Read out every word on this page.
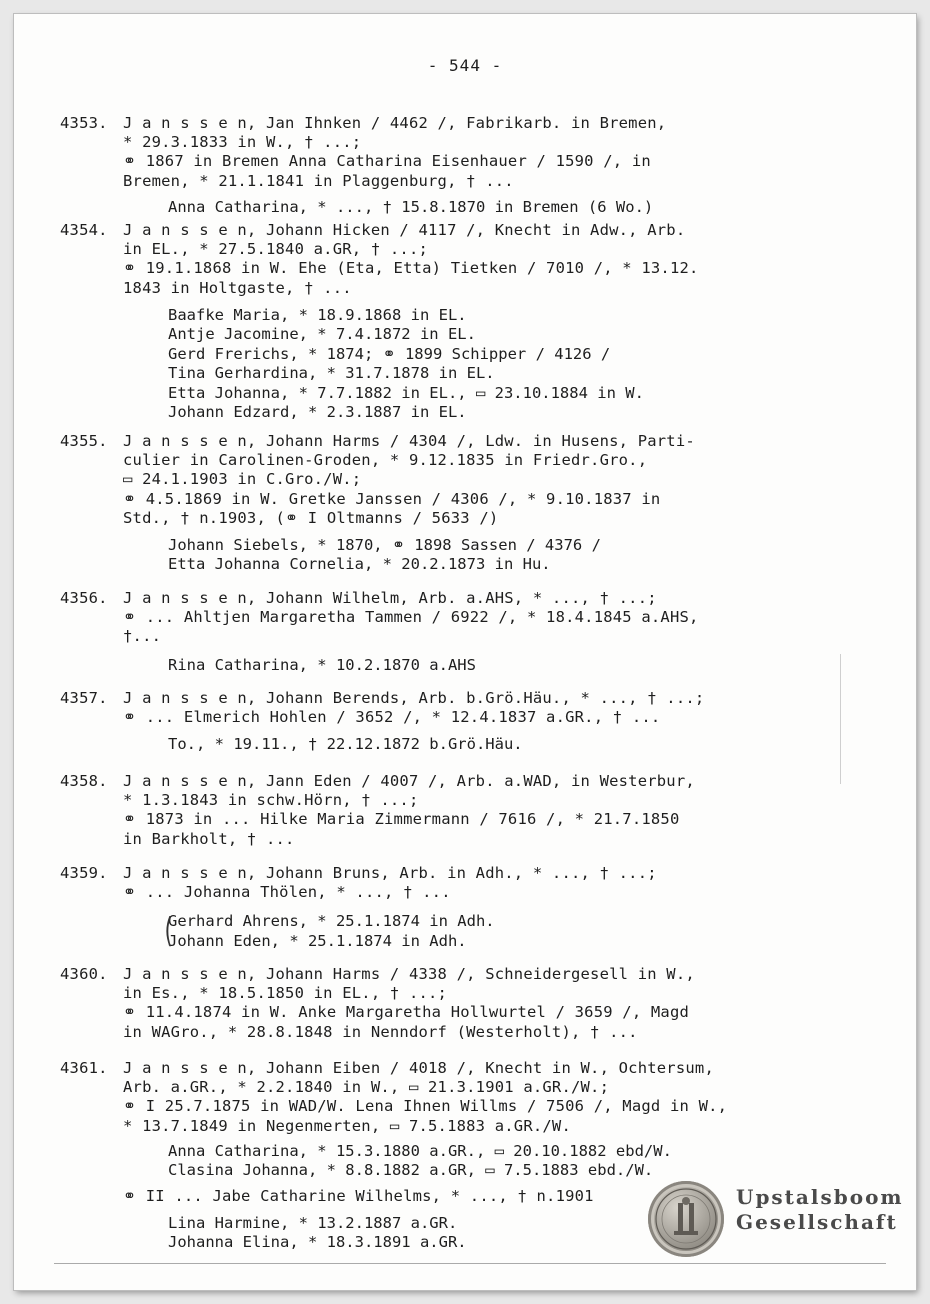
- 544 -
4353. J a n s s e n, Jan Ihnken / 4462 /, Fabrikarb. in Bremen,
* 29.3.1833 in W., † ...;
⚭ 1867 in Bremen Anna Catharina Eisenhauer / 1590 /, in
Bremen, * 21.1.1841 in Plaggenburg, † ...
Anna Catharina, * ..., † 15.8.1870 in Bremen (6 Wo.)
4354. J a n s s e n, Johann Hicken / 4117 /, Knecht in Adw., Arb.
in EL., * 27.5.1840 a.GR, † ...;
⚭ 19.1.1868 in W. Ehe (Eta, Etta) Tietken / 7010 /, * 13.12.
1843 in Holtgaste, † ...
Baafke Maria, * 18.9.1868 in EL.
Antje Jacomine, * 7.4.1872 in EL.
Gerd Frerichs, * 1874; ⚭ 1899 Schipper / 4126 /
Tina Gerhardina, * 31.7.1878 in EL.
Etta Johanna, * 7.7.1882 in EL., ▭ 23.10.1884 in W.
Johann Edzard, * 2.3.1887 in EL.
4355. J a n s s e n, Johann Harms / 4304 /, Ldw. in Husens, Parti-
culier in Carolinen-Groden, * 9.12.1835 in Friedr.Gro.,
▭ 24.1.1903 in C.Gro./W.;
⚭ 4.5.1869 in W. Gretke Janssen / 4306 /, * 9.10.1837 in
Std., † n.1903, (⚭ I Oltmanns / 5633 /)
Johann Siebels, * 1870, ⚭ 1898 Sassen / 4376 /
Etta Johanna Cornelia, * 20.2.1873 in Hu.
4356. J a n s s e n, Johann Wilhelm, Arb. a.AHS, * ..., † ...;
⚭ ... Ahltjen Margaretha Tammen / 6922 /, * 18.4.1845 a.AHS,
†...
Rina Catharina, * 10.2.1870 a.AHS
4357. J a n s s e n, Johann Berends, Arb. b.Grö.Häu., * ..., † ...;
⚭ ... Elmerich Hohlen / 3652 /, * 12.4.1837 a.GR., † ...
To., * 19.11., † 22.12.1872 b.Grö.Häu.
4358. J a n s s e n, Jann Eden / 4007 /, Arb. a.WAD, in Westerbur,
* 1.3.1843 in schw.Hörn, † ...;
⚭ 1873 in ... Hilke Maria Zimmermann / 7616 /, * 21.7.1850
in Barkholt, † ...
4359. J a n s s e n, Johann Bruns, Arb. in Adh., * ..., † ...;
⚭ ... Johanna Thölen, * ..., † ...
(
Gerhard Ahrens, * 25.1.1874 in Adh.
Johann Eden, * 25.1.1874 in Adh.
4360. J a n s s e n, Johann Harms / 4338 /, Schneidergesell in W.,
in Es., * 18.5.1850 in EL., † ...;
⚭ 11.4.1874 in W. Anke Margaretha Hollwurtel / 3659 /, Magd
in WAGro., * 28.8.1848 in Nenndorf (Westerholt), † ...
4361. J a n s s e n, Johann Eiben / 4018 /, Knecht in W., Ochtersum,
Arb. a.GR., * 2.2.1840 in W., ▭ 21.3.1901 a.GR./W.;
⚭ I 25.7.1875 in WAD/W. Lena Ihnen Willms / 7506 /, Magd in W.,
* 13.7.1849 in Negenmerten, ▭ 7.5.1883 a.GR./W.
Anna Catharina, * 15.3.1880 a.GR., ▭ 20.10.1882 ebd/W.
Clasina Johanna, * 8.8.1882 a.GR, ▭ 7.5.1883 ebd./W.
⚭ II ... Jabe Catharine Wilhelms, * ..., † n.1901
Lina Harmine, * 13.2.1887 a.GR.
Johanna Elina, * 18.3.1891 a.GR.
Upstalsboom
Gesellschaft
